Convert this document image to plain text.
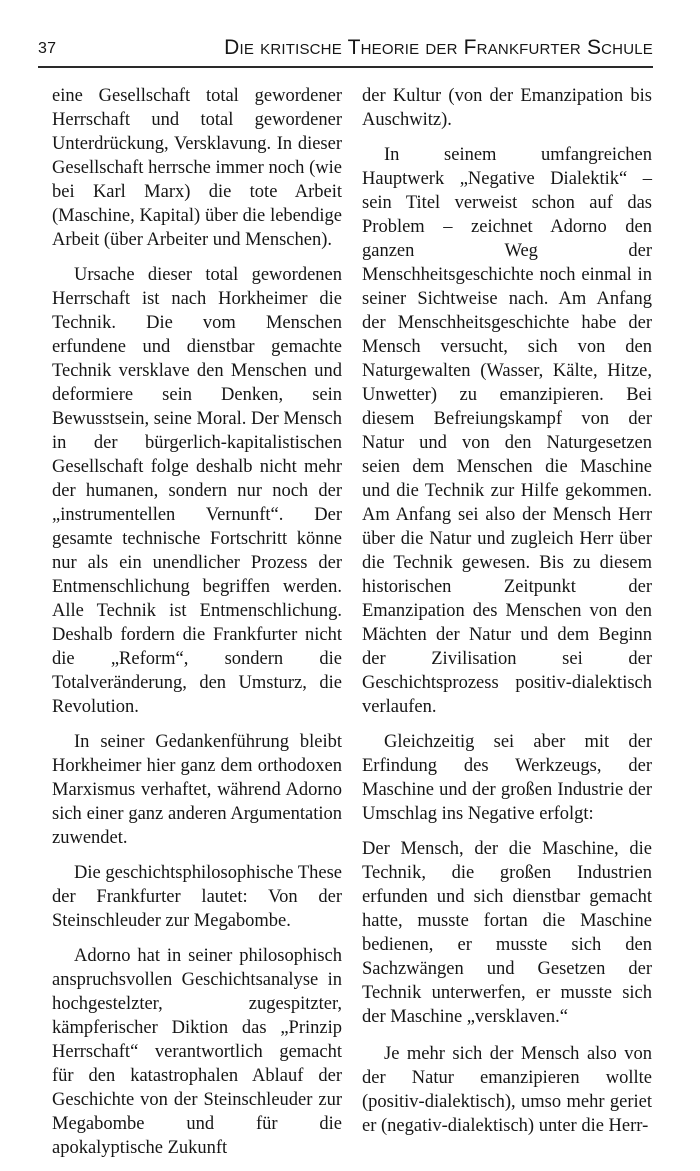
37	Die kritische Theorie der Frankfurter Schule

eine Gesellschaft total gewordener Herrschaft und total gewordener Unterdrückung, Versklavung. In dieser Gesellschaft herrsche immer noch (wie bei Karl Marx) die tote Arbeit (Maschine, Kapital) über die lebendige Arbeit (über Arbeiter und Menschen).

Ursache dieser total gewordenen Herrschaft ist nach Horkheimer die Technik. Die vom Menschen erfundene und dienstbar gemachte Technik versklave den Menschen und deformiere sein Denken, sein Bewusstsein, seine Moral. Der Mensch in der bürgerlich-kapitalistischen Gesellschaft folge deshalb nicht mehr der humanen, sondern nur noch der „instrumentellen Vernunft“. Der gesamte technische Fortschritt könne nur als ein unendlicher Prozess der Entmenschlichung begriffen werden. Alle Technik ist Entmenschlichung. Deshalb fordern die Frankfurter nicht die „Reform“, sondern die Totalveränderung, den Umsturz, die Revolution.

In seiner Gedankenführung bleibt Horkheimer hier ganz dem orthodoxen Marxismus verhaftet, während Adorno sich einer ganz anderen Argumentation zuwendet.

Die geschichtsphilosophische These der Frankfurter lautet: Von der Steinschleuder zur Megabombe.

Adorno hat in seiner philosophisch anspruchsvollen Geschichtsanalyse in hochgestelzter, zugespitzter, kämpferischer Diktion das „Prinzip Herrschaft“ verantwortlich gemacht für den katastrophalen Ablauf der Geschichte von der Steinschleuder zur Megabombe und für die apokalyptische Zukunft

der Kultur (von der Emanzipation bis Auschwitz).

In seinem umfangreichen Hauptwerk „Negative Dialektik“ – sein Titel verweist schon auf das Problem – zeichnet Adorno den ganzen Weg der Menschheitsgeschichte noch einmal in seiner Sichtweise nach. Am Anfang der Menschheitsgeschichte habe der Mensch versucht, sich von den Naturgewalten (Wasser, Kälte, Hitze, Unwetter) zu emanzipieren. Bei diesem Befreiungskampf von der Natur und von den Naturgesetzen seien dem Menschen die Maschine und die Technik zur Hilfe gekommen. Am Anfang sei also der Mensch Herr über die Natur und zugleich Herr über die Technik gewesen. Bis zu diesem historischen Zeitpunkt der Emanzipation des Menschen von den Mächten der Natur und dem Beginn der Zivilisation sei der Geschichtsprozess positiv-dialektisch verlaufen.

Gleichzeitig sei aber mit der Erfindung des Werkzeugs, der Maschine und der großen Industrie der Umschlag ins Negative erfolgt:

Der Mensch, der die Maschine, die Technik, die großen Industrien erfunden und sich dienstbar gemacht hatte, musste fortan die Maschine bedienen, er musste sich den Sachzwängen und Gesetzen der Technik unterwerfen, er musste sich der Maschine „versklaven.“

Je mehr sich der Mensch also von der Natur emanzipieren wollte (positiv-dialektisch), umso mehr geriet er (negativ-dialektisch) unter die Herr-
